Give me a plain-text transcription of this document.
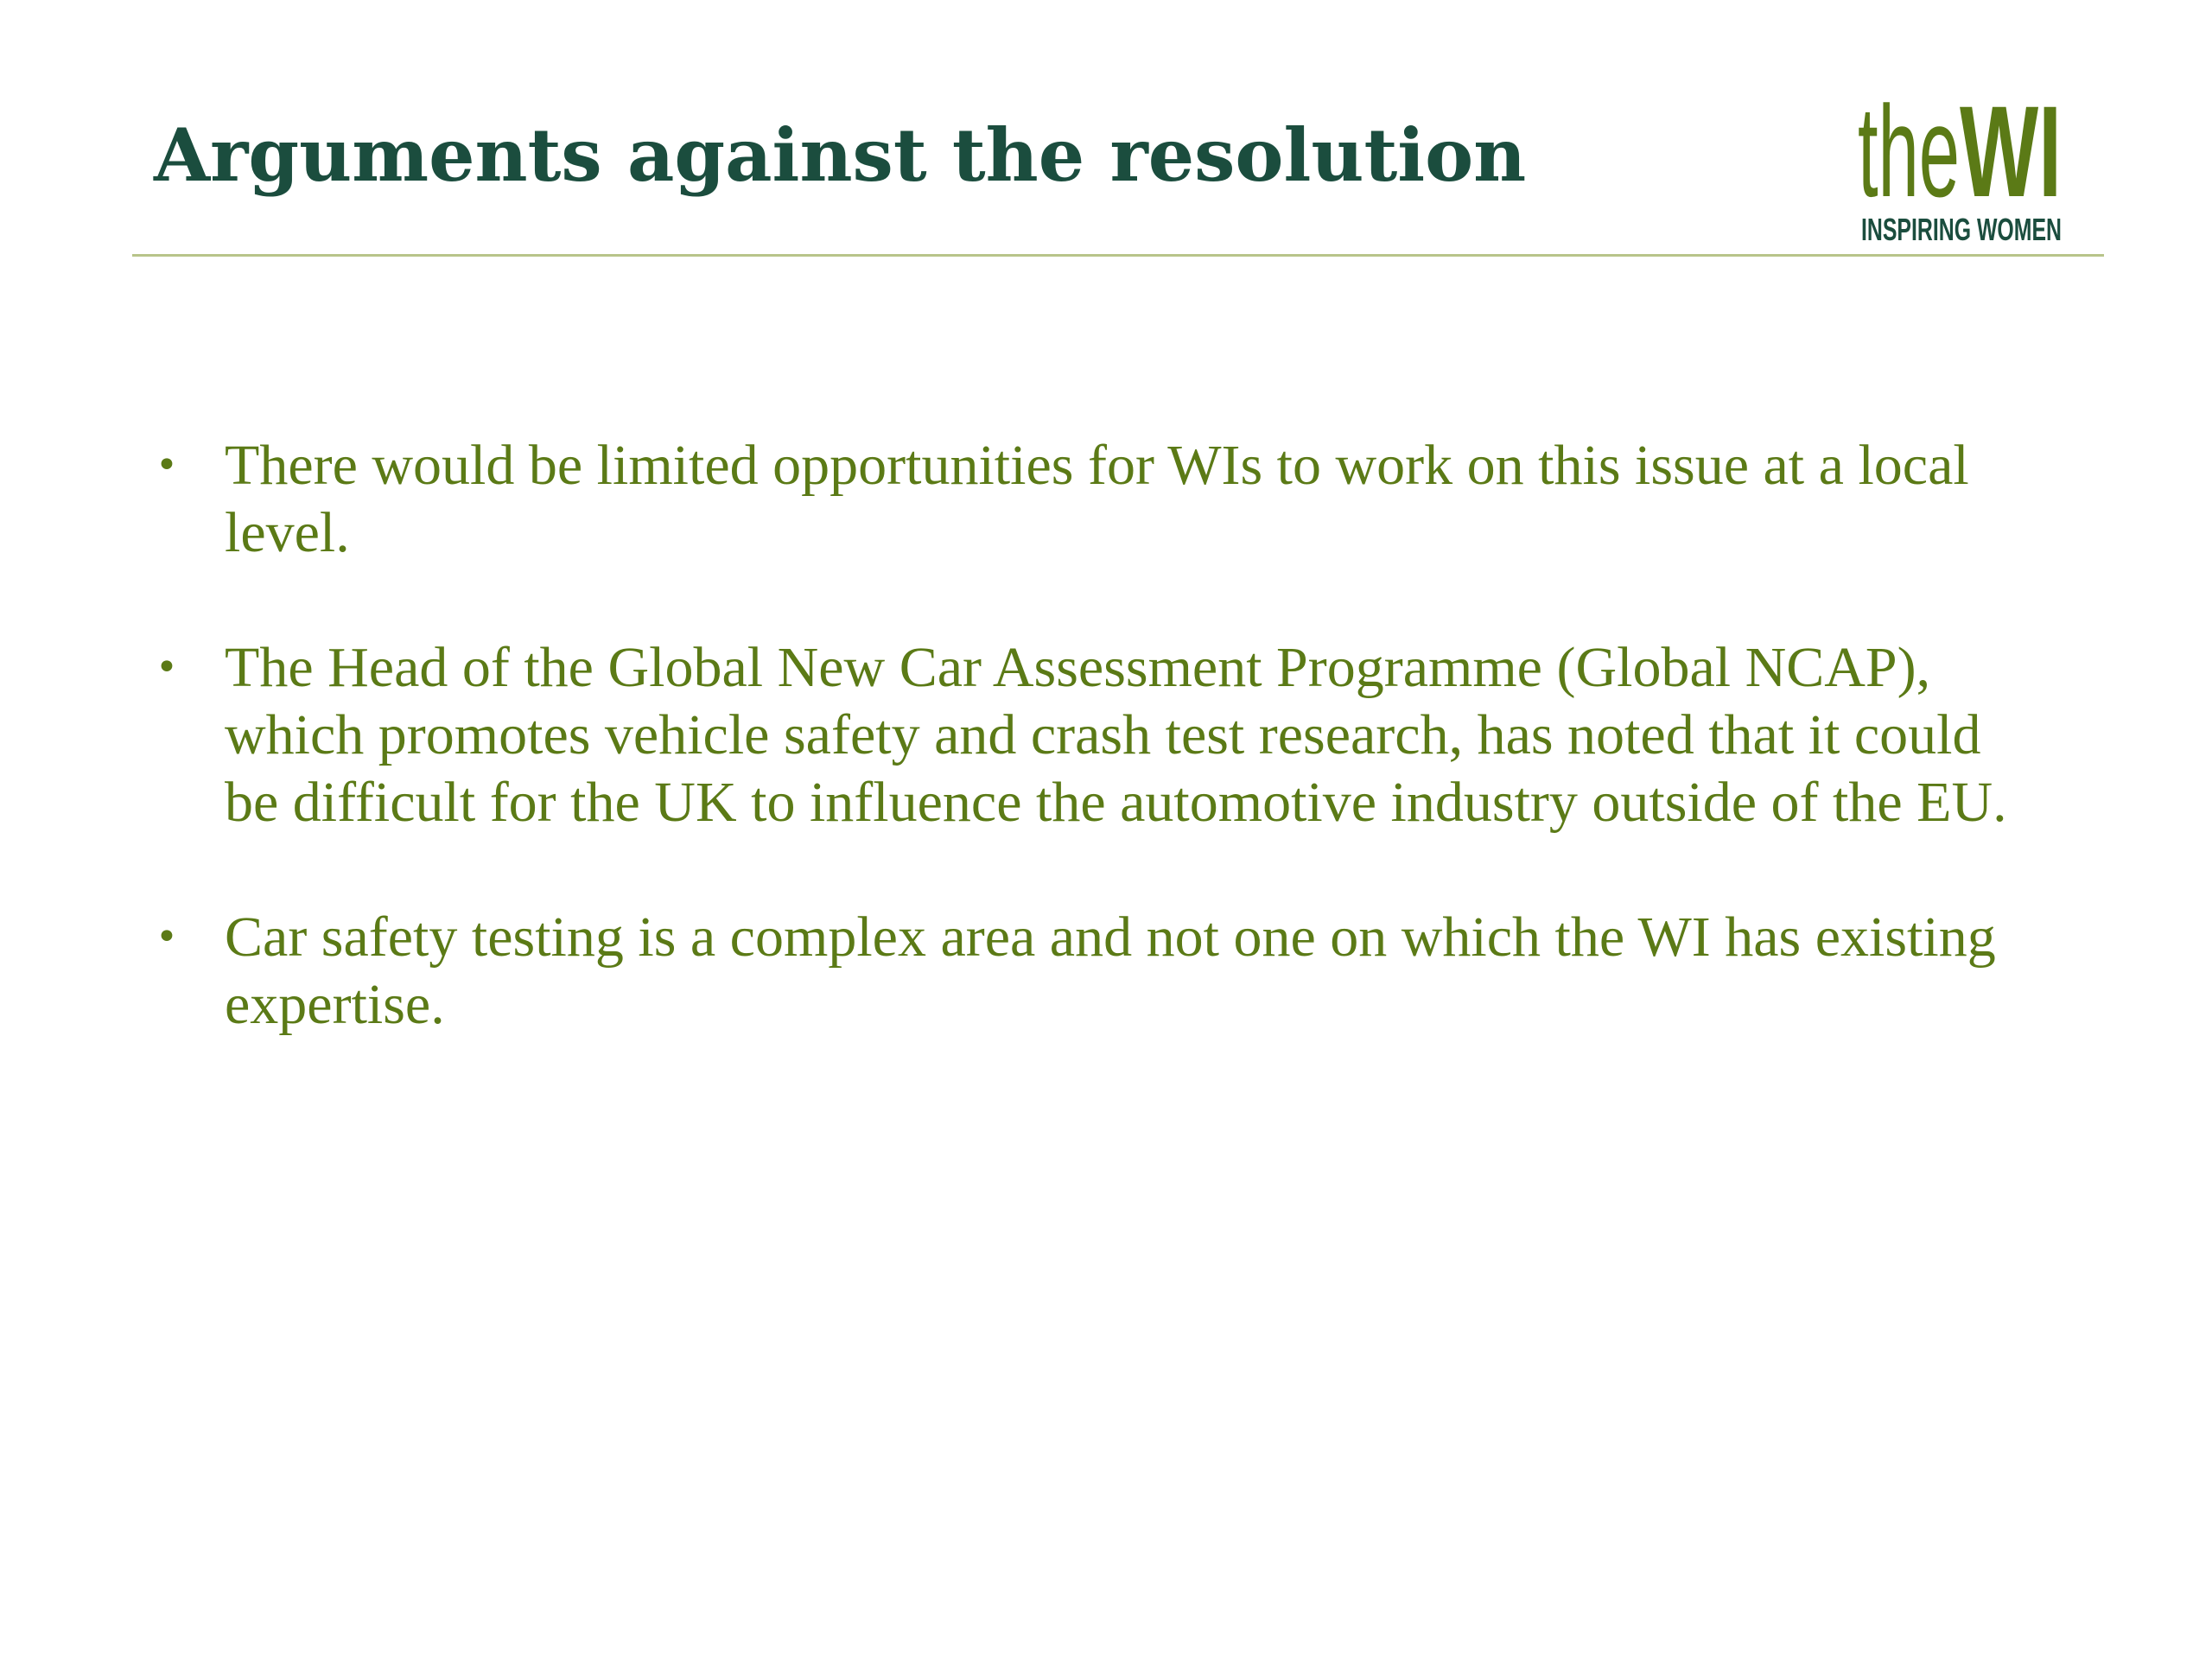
Arguments against the resolution	the WI
INSPIRING WOMEN
• There would be limited opportunities for WIs to work on this issue at a local level.
• The Head of the Global New Car Assessment Programme (Global NCAP), which promotes vehicle safety and crash test research, has noted that it could be difficult for the UK to influence the automotive industry outside of the EU.
• Car safety testing is a complex area and not one on which the WI has existing expertise.
